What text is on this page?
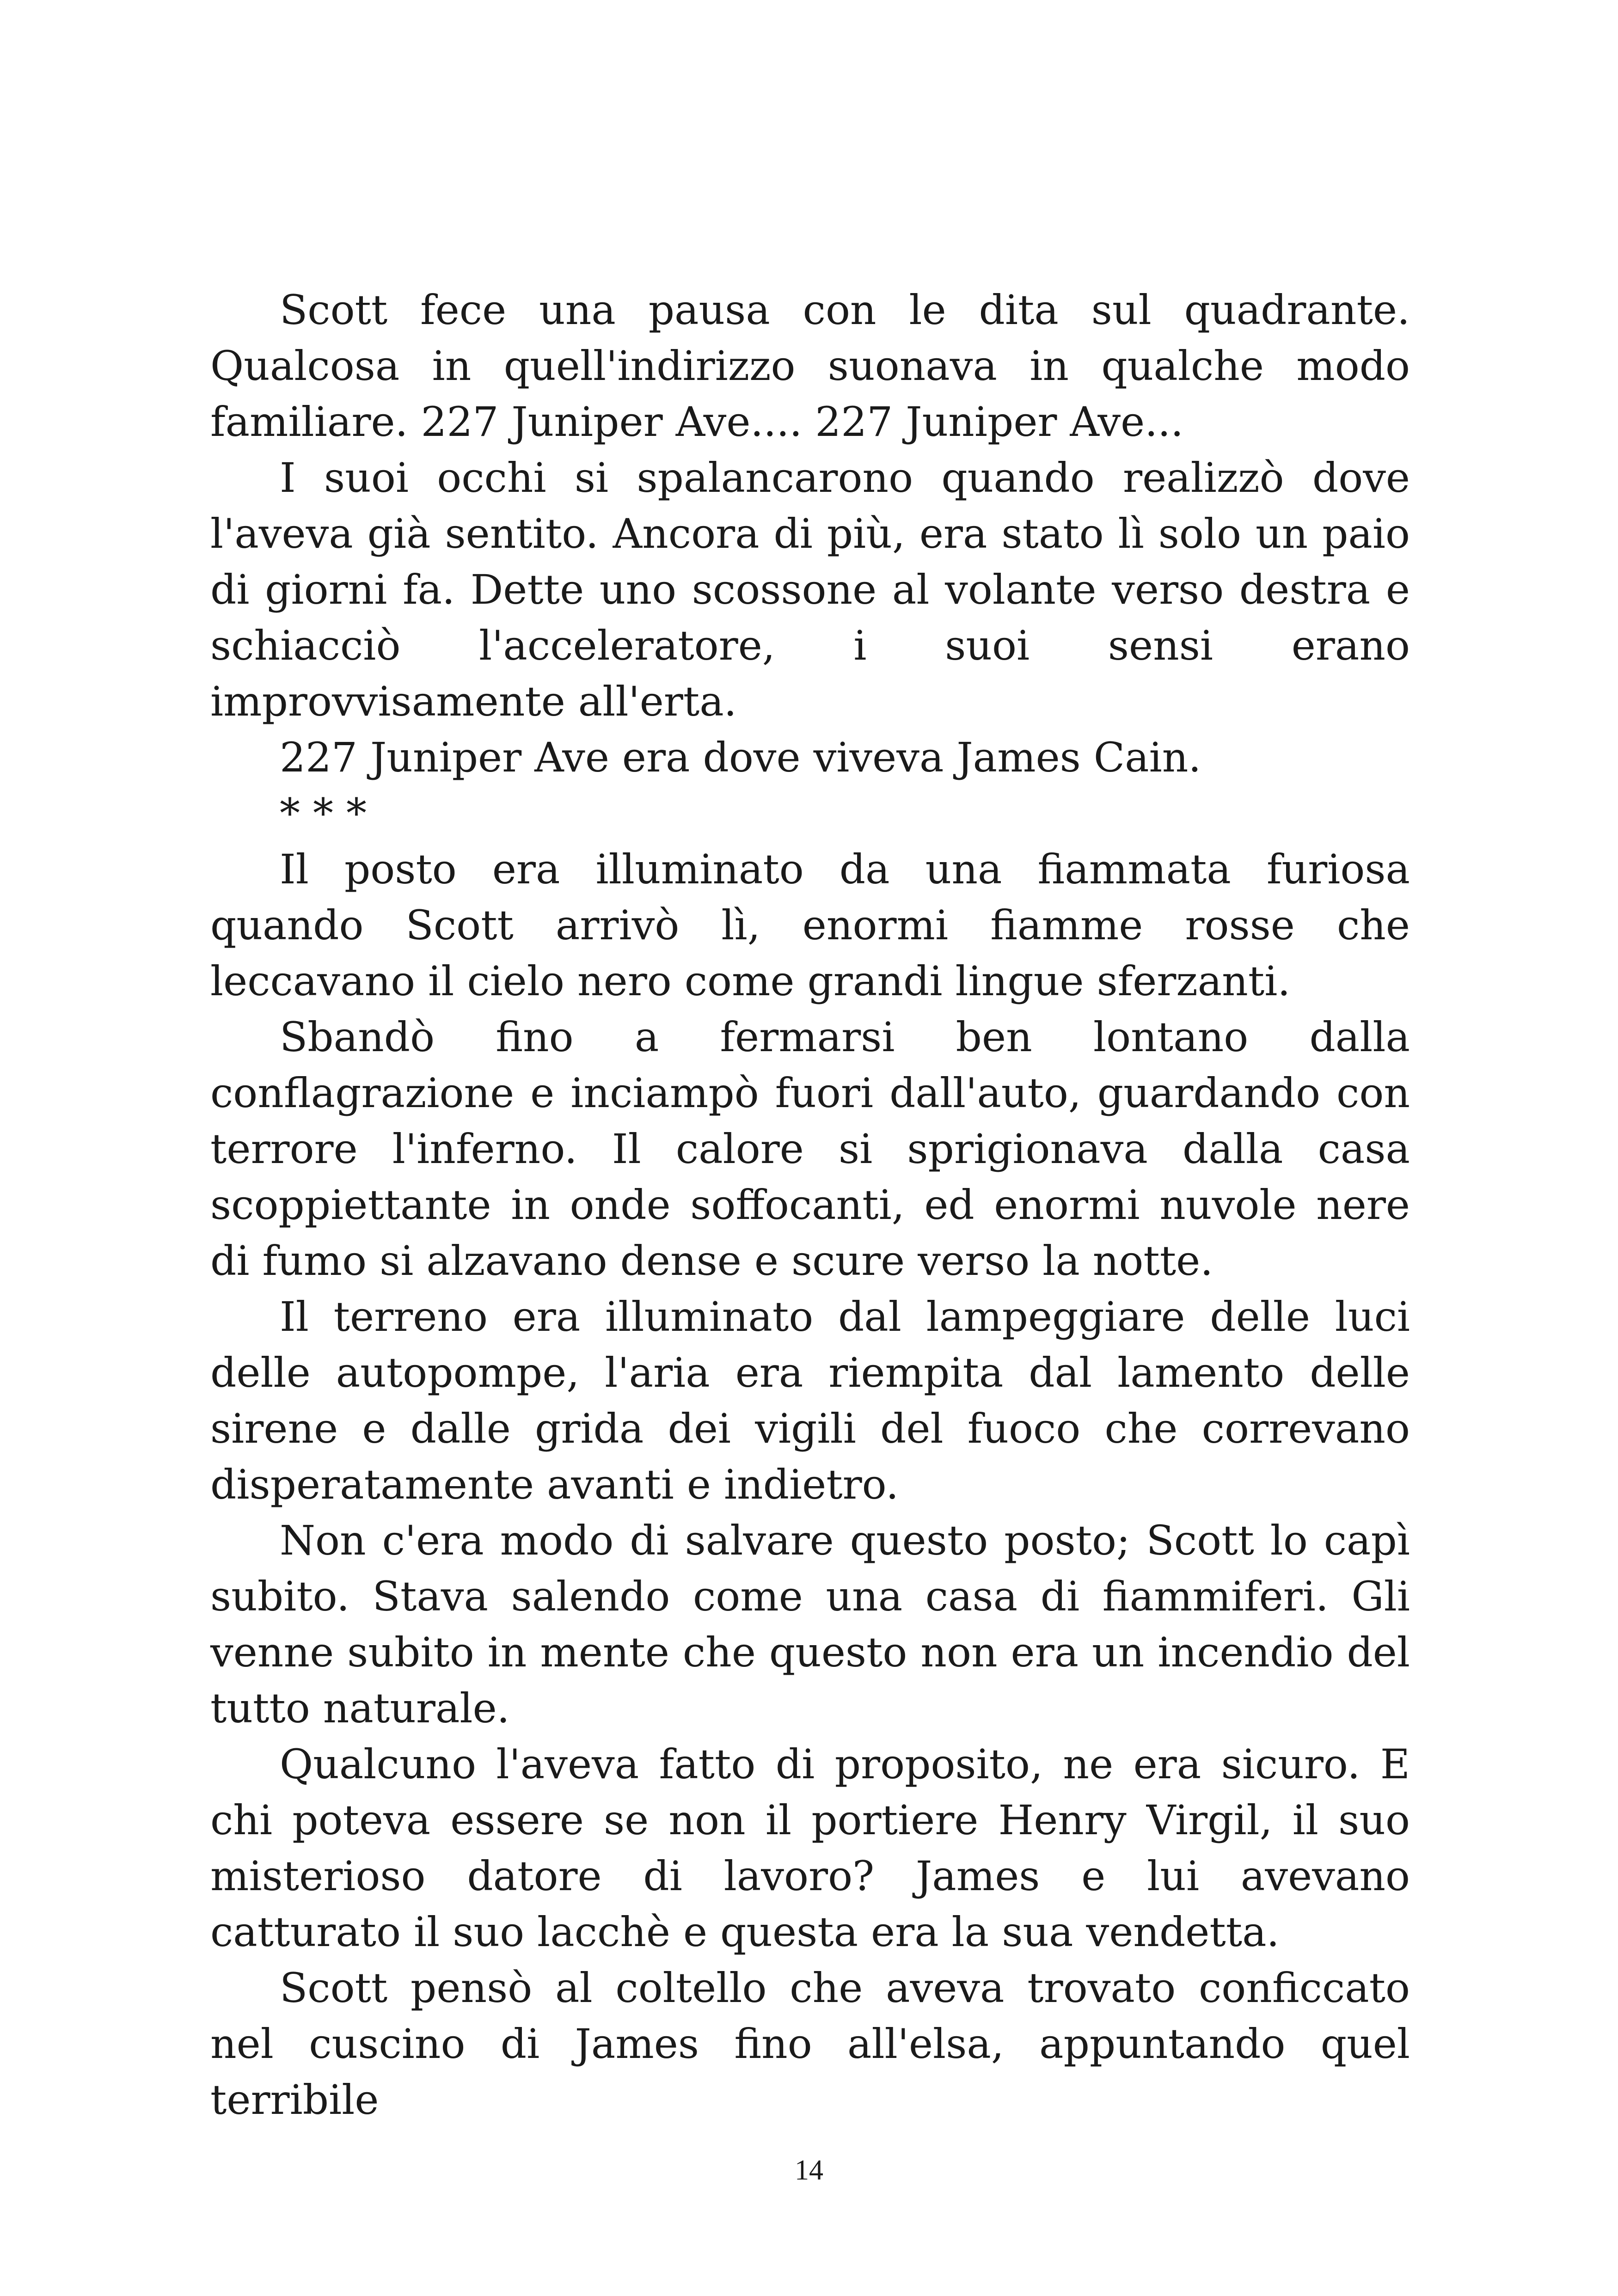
Scott fece una pausa con le dita sul quadrante. Qualcosa in quell'indirizzo suonava in qualche modo familiare. 227 Juniper Ave.... 227 Juniper Ave...

I suoi occhi si spalancarono quando realizzò dove l'aveva già sentito. Ancora di più, era stato lì solo un paio di giorni fa. Dette uno scossone al volante verso destra e schiacciò l'acceleratore, i suoi sensi erano improvvisamente all'erta.

227 Juniper Ave era dove viveva James Cain.

* * *

Il posto era illuminato da una fiammata furiosa quando Scott arrivò lì, enormi fiamme rosse che leccavano il cielo nero come grandi lingue sferzanti.

Sbandò fino a fermarsi ben lontano dalla conflagrazione e inciampò fuori dall'auto, guardando con terrore l'inferno. Il calore si sprigionava dalla casa scoppiettante in onde soffocanti, ed enormi nuvole nere di fumo si alzavano dense e scure verso la notte.

Il terreno era illuminato dal lampeggiare delle luci delle autopompe, l'aria era riempita dal lamento delle sirene e dalle grida dei vigili del fuoco che correvano disperatamente avanti e indietro.

Non c'era modo di salvare questo posto; Scott lo capì subito. Stava salendo come una casa di fiammiferi. Gli venne subito in mente che questo non era un incendio del tutto naturale.

Qualcuno l'aveva fatto di proposito, ne era sicuro. E chi poteva essere se non il portiere Henry Virgil, il suo misterioso datore di lavoro? James e lui avevano catturato il suo lacchè e questa era la sua vendetta.

Scott pensò al coltello che aveva trovato conficcato nel cuscino di James fino all'elsa, appuntando quel terribile

14
